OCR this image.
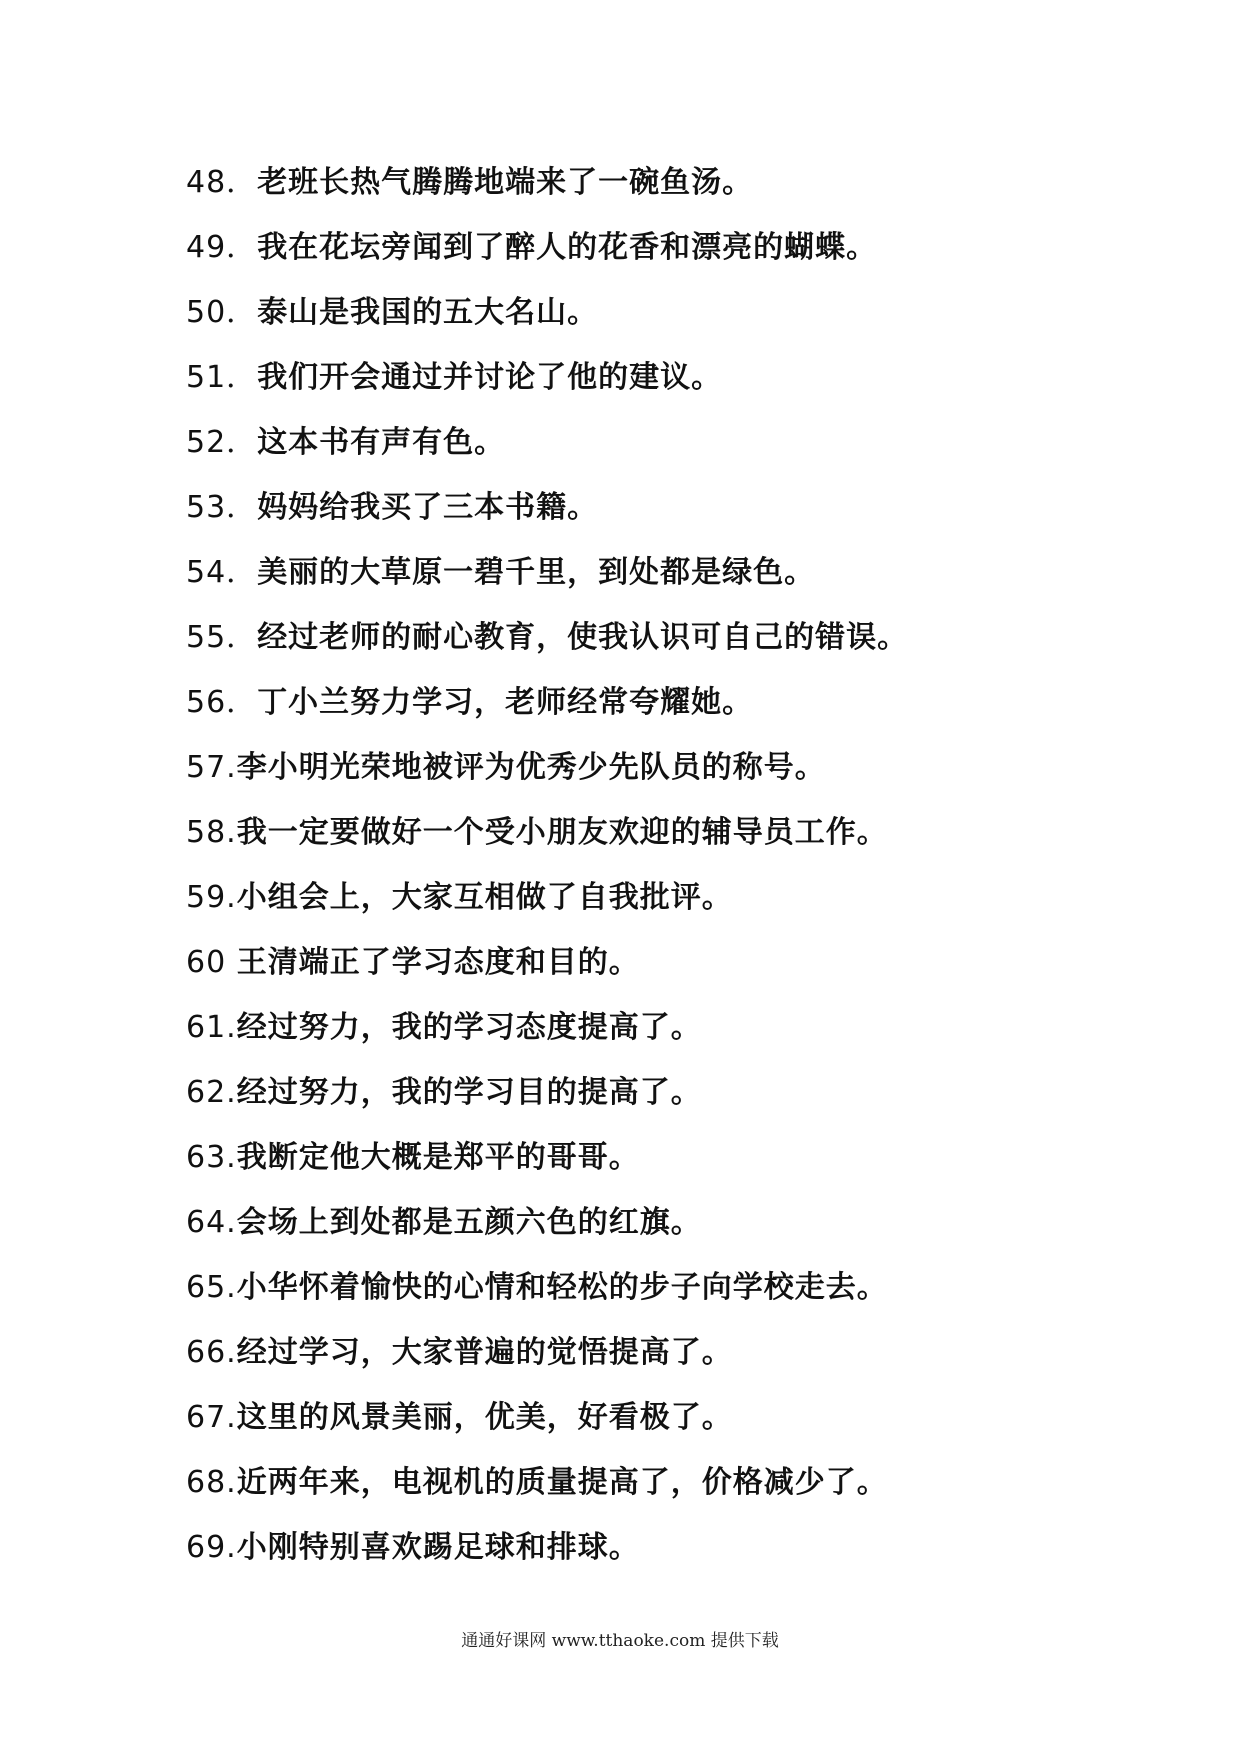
48．老班长热气腾腾地端来了一碗鱼汤。
49．我在花坛旁闻到了醉人的花香和漂亮的蝴蝶。
50．泰山是我国的五大名山。
51．我们开会通过并讨论了他的建议。
52．这本书有声有色。
53．妈妈给我买了三本书籍。
54．美丽的大草原一碧千里，到处都是绿色。
55．经过老师的耐心教育，使我认识可自己的错误。
56．丁小兰努力学习，老师经常夸耀她。
57.李小明光荣地被评为优秀少先队员的称号。
58.我一定要做好一个受小朋友欢迎的辅导员工作。
59.小组会上，大家互相做了自我批评。
60 王清端正了学习态度和目的。
61.经过努力，我的学习态度提高了。
62.经过努力，我的学习目的提高了。
63.我断定他大概是郑平的哥哥。
64.会场上到处都是五颜六色的红旗。
65.小华怀着愉快的心情和轻松的步子向学校走去。
66.经过学习，大家普遍的觉悟提高了。
67.这里的风景美丽，优美，好看极了。
68.近两年来，电视机的质量提高了，价格减少了。
69.小刚特别喜欢踢足球和排球。
通通好课网 www.tthaoke.com 提供下载
